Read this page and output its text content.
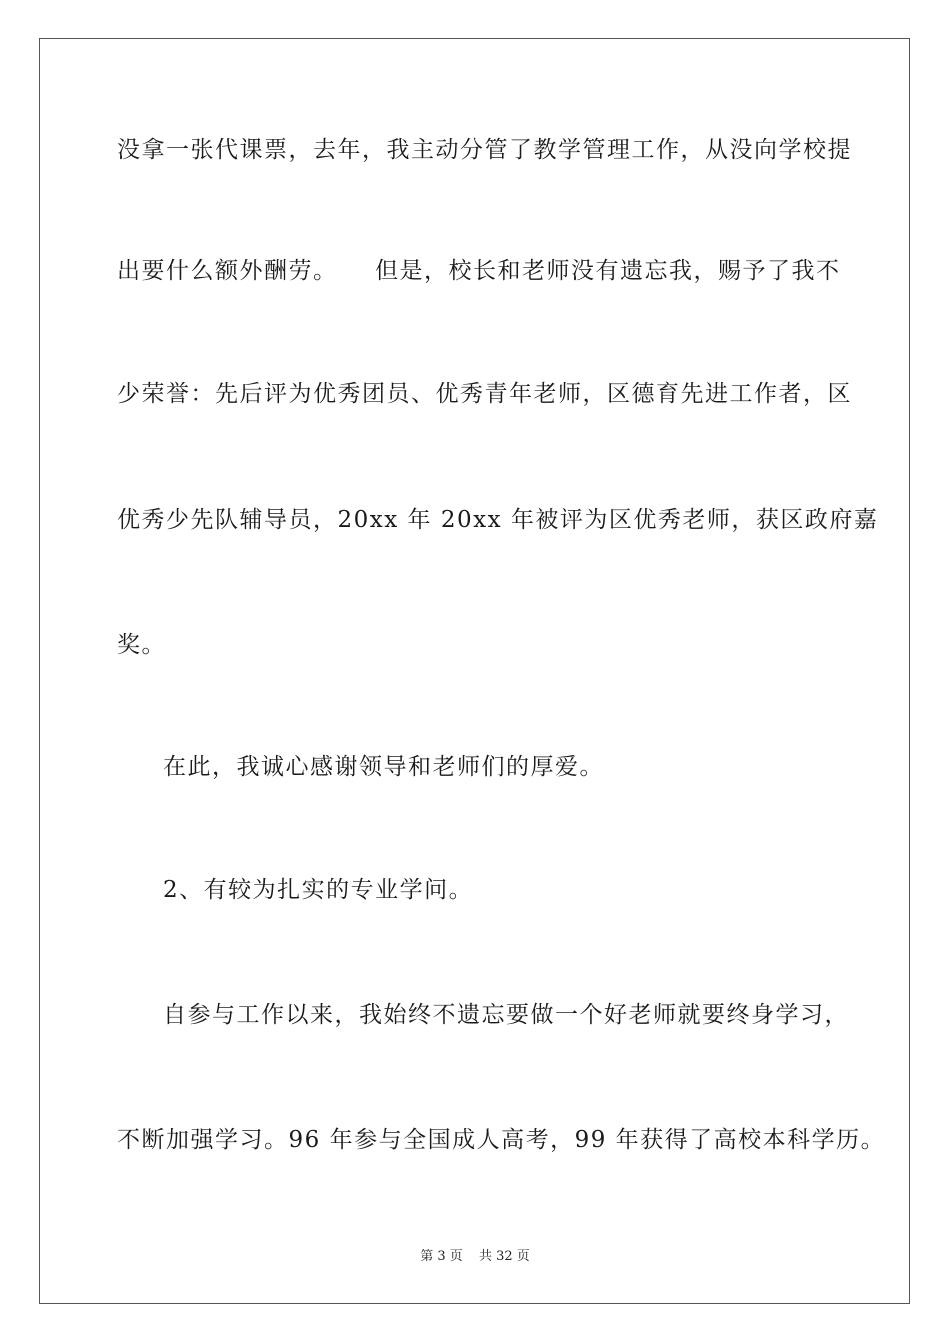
没拿一张代课票，去年，我主动分管了教学管理工作，从没向学校提
出要什么额外酬劳。　　但是，校长和老师没有遗忘我，赐予了我不
少荣誉：先后评为优秀团员、优秀青年老师，区德育先进工作者，区
优秀少先队辅导员，20xx 年 20xx 年被评为区优秀老师，获区政府嘉
奖。
在此，我诚心感谢领导和老师们的厚爱。
2、有较为扎实的专业学问。
自参与工作以来，我始终不遗忘要做一个好老师就要终身学习，
不断加强学习。96 年参与全国成人高考，99 年获得了高校本科学历。
第 3 页 共 32 页
